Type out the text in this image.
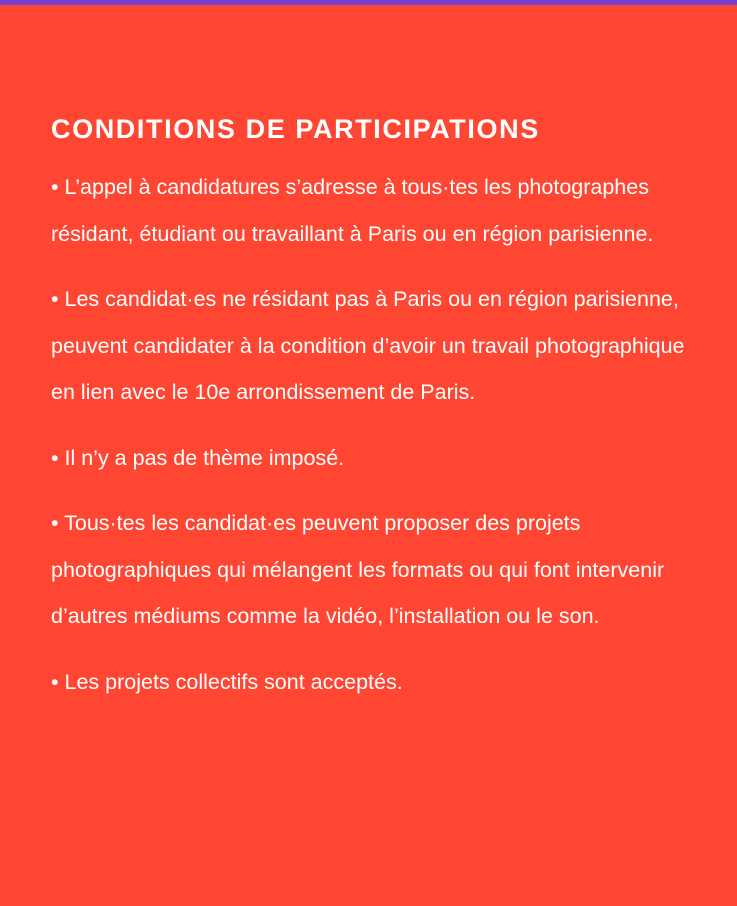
CONDITIONS DE PARTICIPATIONS

• L’appel à candidatures s’adresse à tous·tes les photographes résidant, étudiant ou travaillant à Paris ou en région parisienne.

• Les candidat·es ne résidant pas à Paris ou en région parisienne, peuvent candidater à la condition d’avoir un travail photographique en lien avec le 10e arrondissement de Paris.

• Il n’y a pas de thème imposé.

• Tous·tes les candidat·es peuvent proposer des projets photographiques qui mélangent les formats ou qui font intervenir d’autres médiums comme la vidéo, l’installation ou le son.

• Les projets collectifs sont acceptés.
